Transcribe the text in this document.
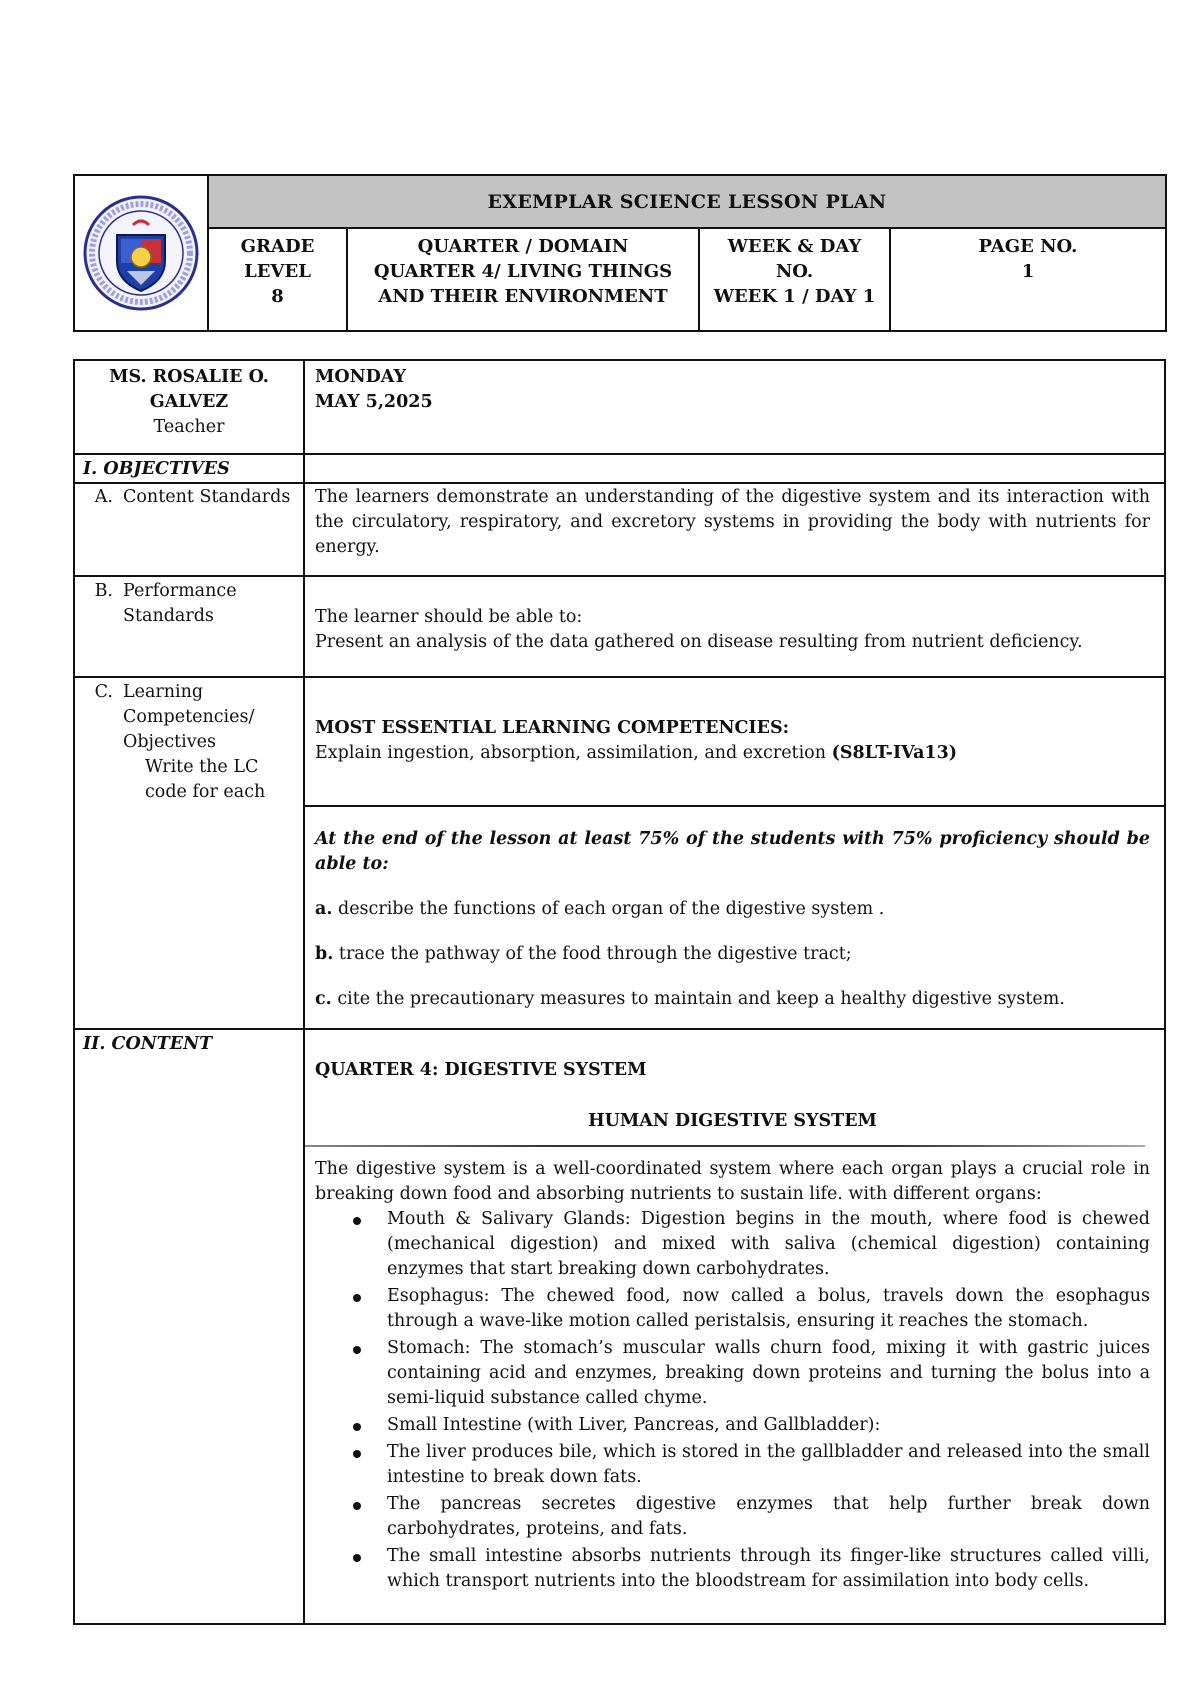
EXEMPLAR SCIENCE LESSON PLAN
GRADE LEVEL
8
QUARTER / DOMAIN
QUARTER 4/ LIVING THINGS AND THEIR ENVIRONMENT
WEEK & DAY NO.
WEEK 1 / DAY 1
PAGE NO.
1
MS. ROSALIE O. GALVEZ
Teacher
MONDAY
MAY 5,2025
I. OBJECTIVES
A. Content Standards	The learners demonstrate an understanding of the digestive system and its interaction with the circulatory, respiratory, and excretory systems in providing the body with nutrients for energy.
B. Performance Standards	The learner should be able to:
Present an analysis of the data gathered on disease resulting from nutrient deficiency.
C. Learning Competencies/ Objectives
Write the LC code for each
MOST ESSENTIAL LEARNING COMPETENCIES:
Explain ingestion, absorption, assimilation, and excretion (S8LT-IVa13)

At the end of the lesson at least 75% of the students with 75% proficiency should be able to:

a. describe the functions of each organ of the digestive system .

b. trace the pathway of the food through the digestive tract;

c. cite the precautionary measures to maintain and keep a healthy digestive system.

II. CONTENT
QUARTER 4: DIGESTIVE SYSTEM
HUMAN DIGESTIVE SYSTEM

The digestive system is a well-coordinated system where each organ plays a crucial role in breaking down food and absorbing nutrients to sustain life. with different organs:

Mouth & Salivary Glands: Digestion begins in the mouth, where food is chewed (mechanical digestion) and mixed with saliva (chemical digestion) containing enzymes that start breaking down carbohydrates.
Esophagus: The chewed food, now called a bolus, travels down the esophagus through a wave-like motion called peristalsis, ensuring it reaches the stomach.
Stomach: The stomach’s muscular walls churn food, mixing it with gastric juices containing acid and enzymes, breaking down proteins and turning the bolus into a semi-liquid substance called chyme.
Small Intestine (with Liver, Pancreas, and Gallbladder):
The liver produces bile, which is stored in the gallbladder and released into the small intestine to break down fats.
The pancreas secretes digestive enzymes that help further break down carbohydrates, proteins, and fats.
The small intestine absorbs nutrients through its finger-like structures called villi, which transport nutrients into the bloodstream for assimilation into body cells.
